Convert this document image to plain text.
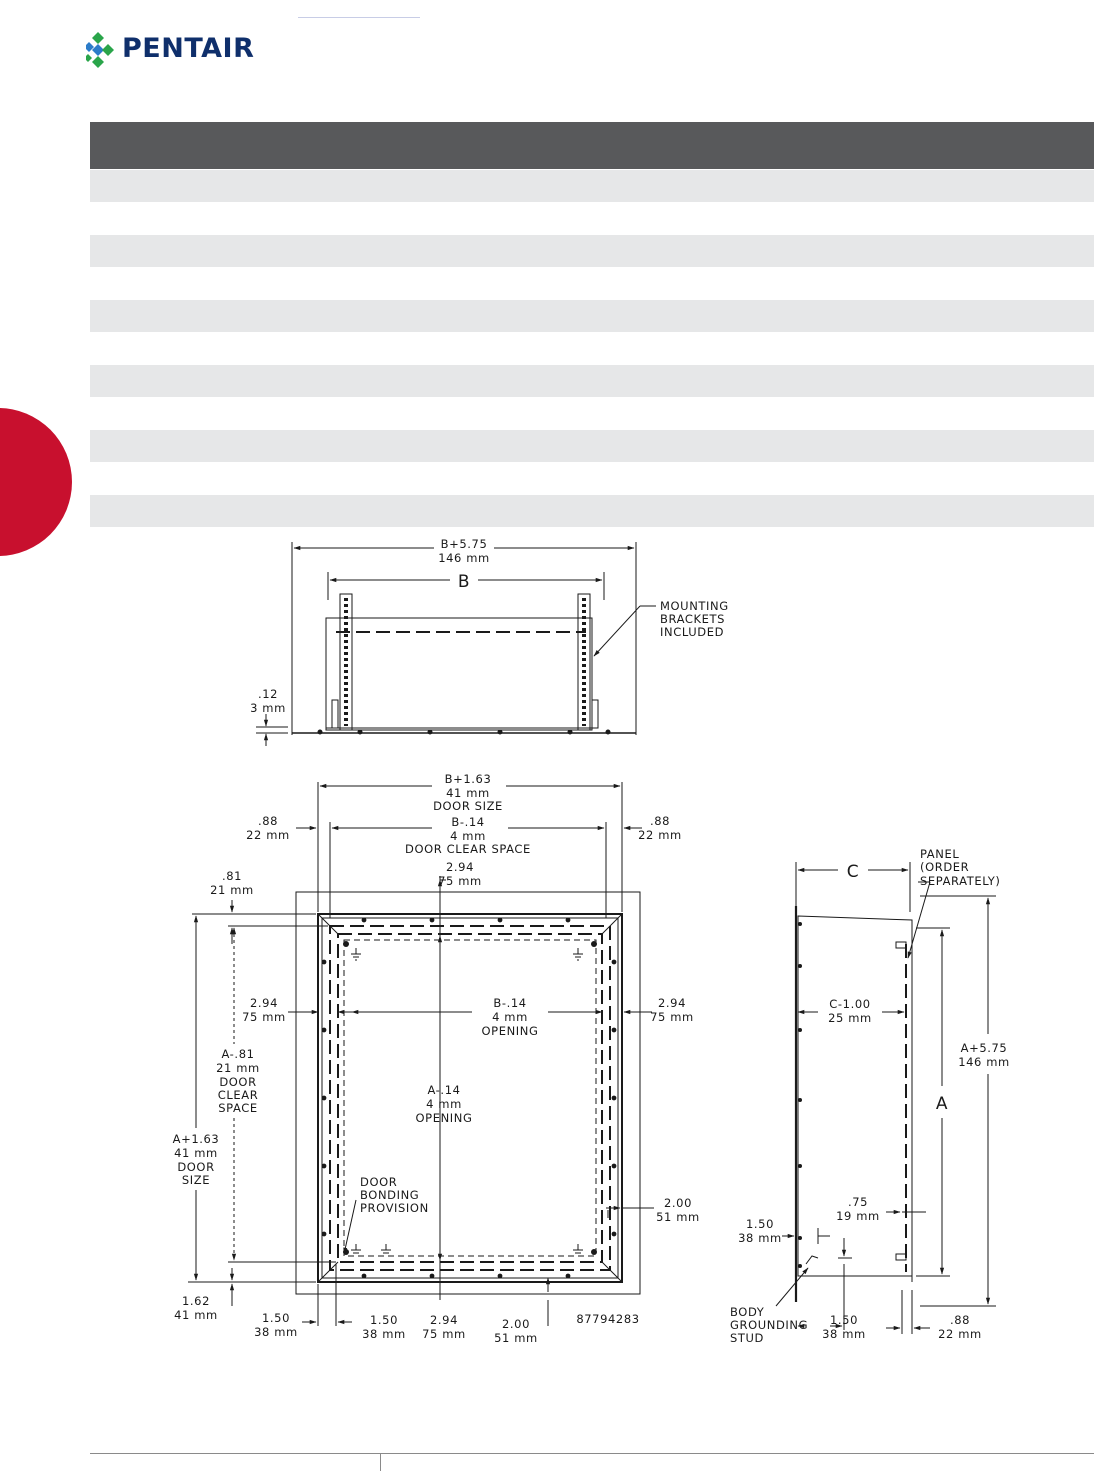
PENTAIR
B+5.75
146 mm
B
MOUNTING
BRACKETS
INCLUDED
.12
3 mm
B+1.63
41 mm
DOOR SIZE
B-.14
4 mm
DOOR CLEAR SPACE
.88
22 mm
.88
22 mm
2.94
75 mm
.81
21 mm
2.94
75 mm
2.94
75 mm
B-.14
4 mm
OPENING
A-.81
21 mm
DOOR
CLEAR
SPACE
A+1.63
41 mm
DOOR
SIZE
A-.14
4 mm
OPENING
DOOR
BONDING
PROVISION	2.00
51 mm
1.62
41 mm	1.50
38 mm
1.50
38 mm
2.94
75 mm
2.00
51 mm
87794283
C
PANEL
(ORDER
SEPARATELY)
C-1.00
25 mm
A+5.75
146 mm
A
.75
19 mm
1.50
38 mm
BODY
GROUNDING
STUD
1.50
38 mm
.88
22 mm
